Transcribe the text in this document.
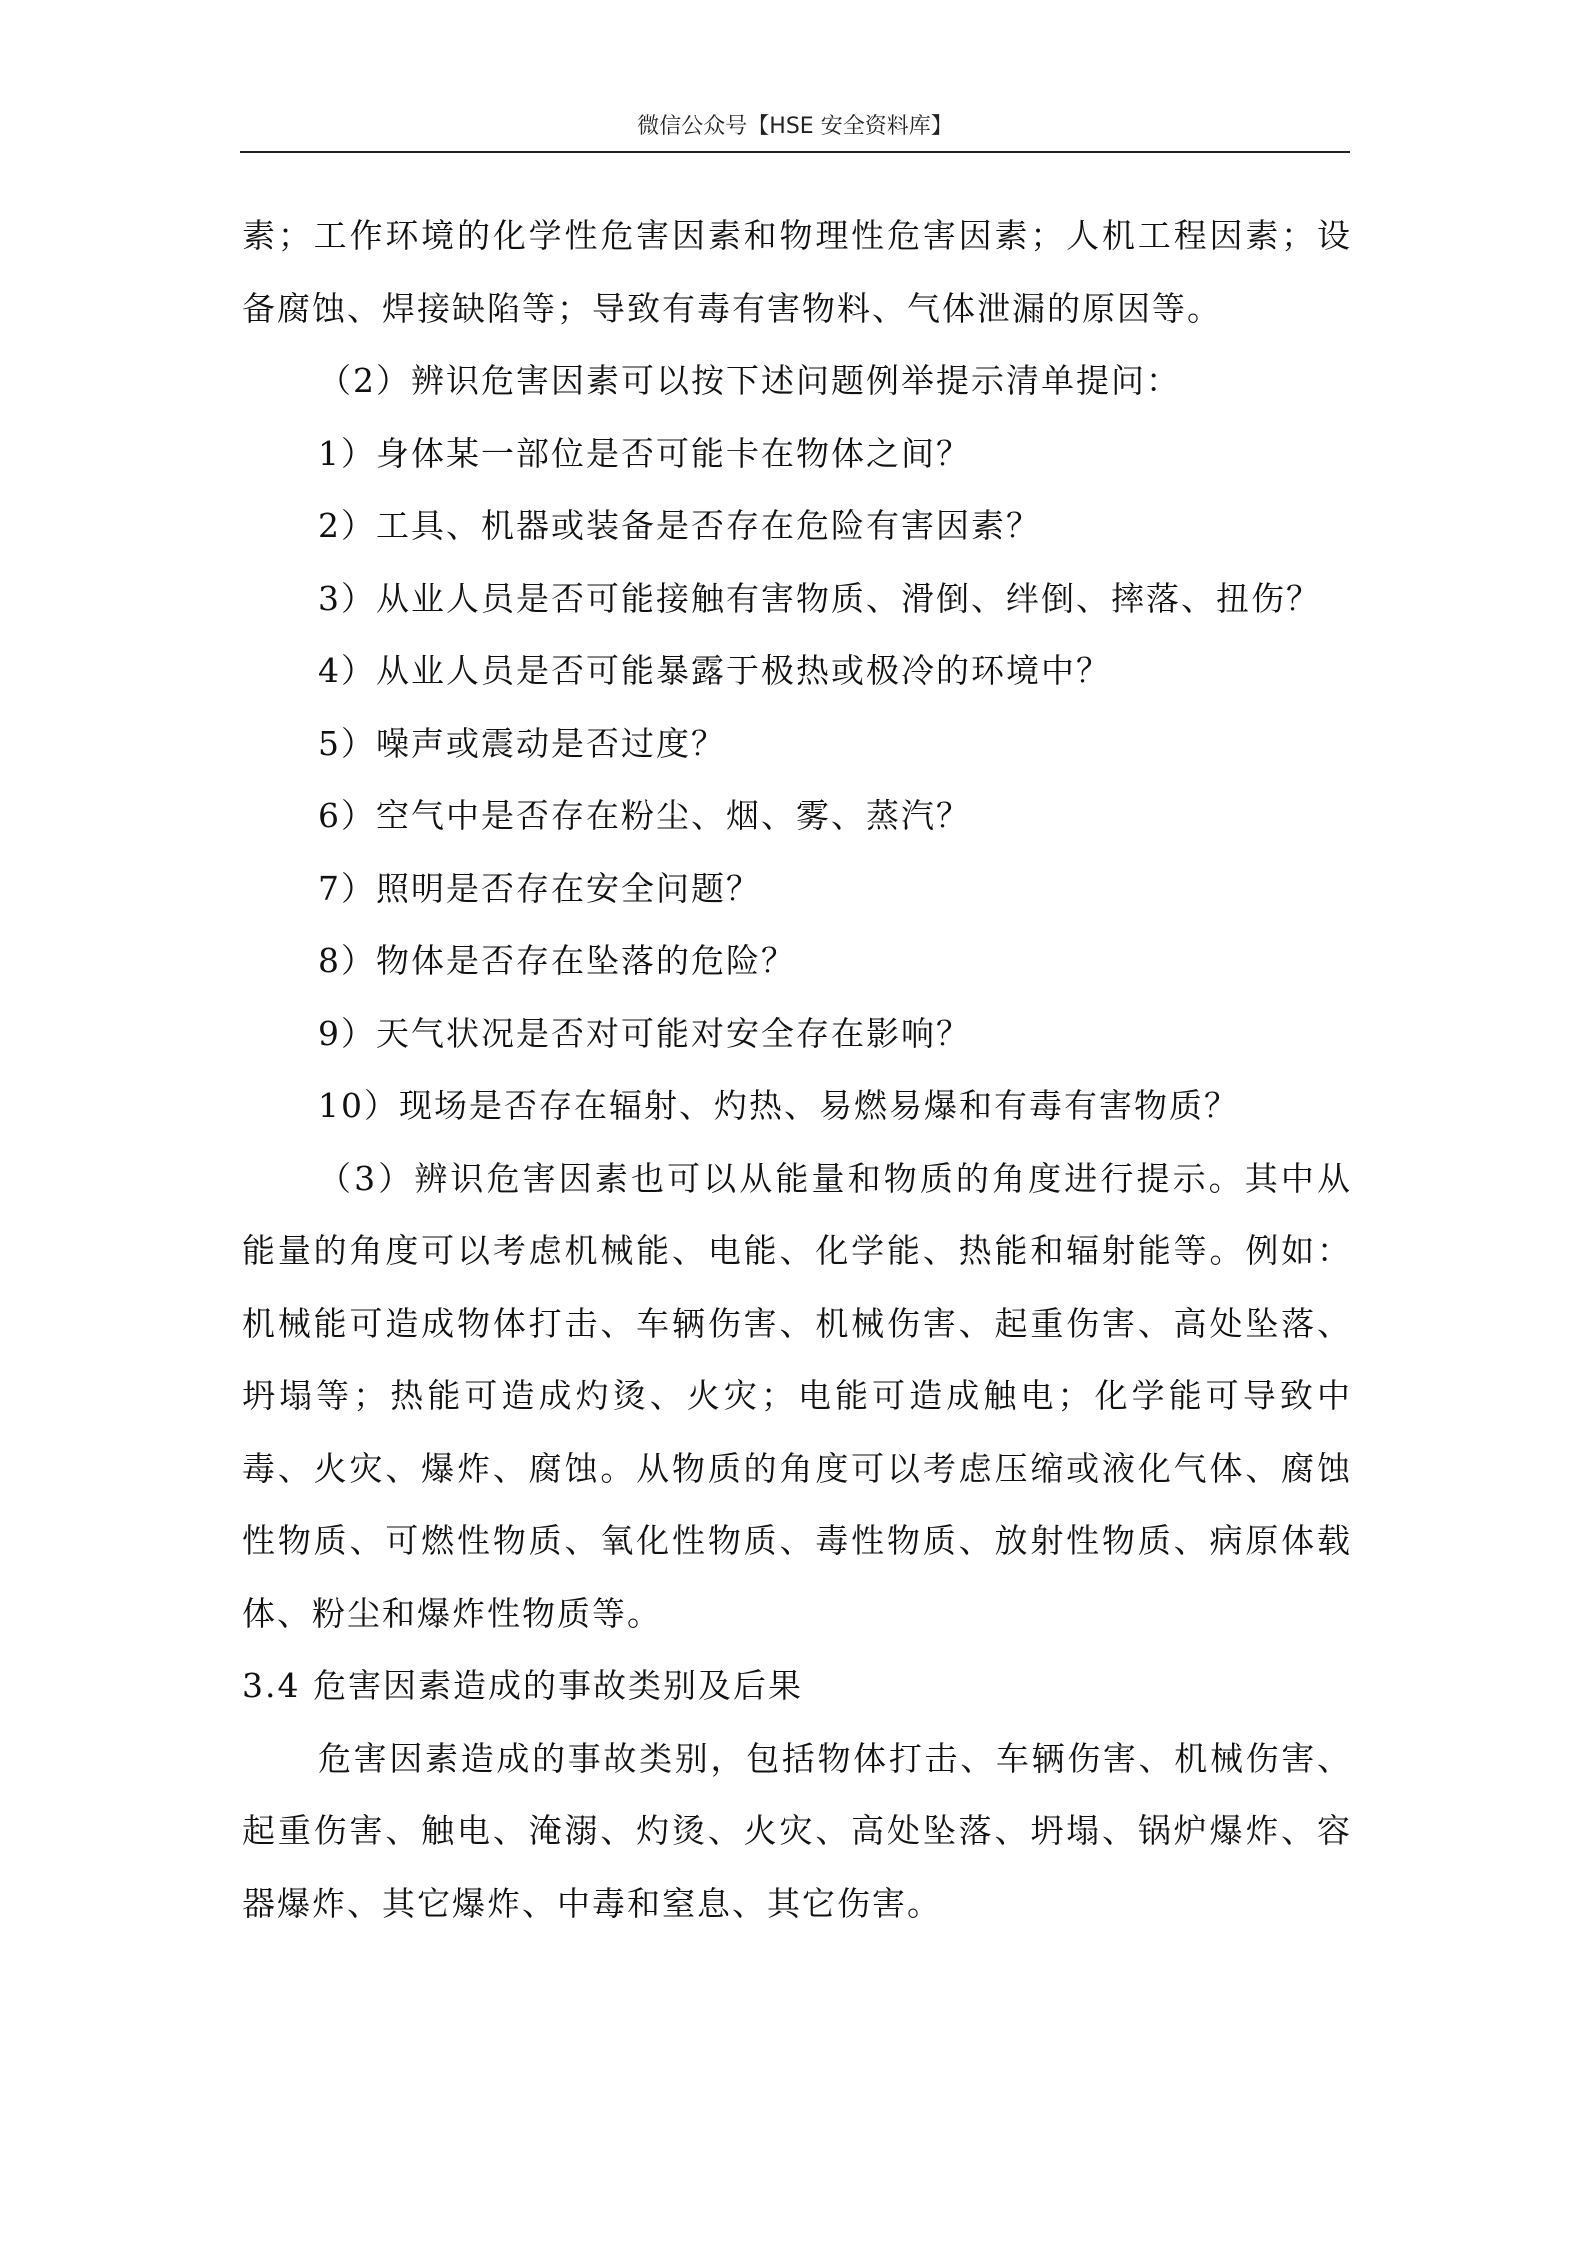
微信公众号【HSE 安全资料库】

素；工作环境的化学性危害因素和物理性危害因素；人机工程因素；设备腐蚀、焊接缺陷等；导致有毒有害物料、气体泄漏的原因等。

（2）辨识危害因素可以按下述问题例举提示清单提问：

1）身体某一部位是否可能卡在物体之间？

2）工具、机器或装备是否存在危险有害因素？

3）从业人员是否可能接触有害物质、滑倒、绊倒、摔落、扭伤？

4）从业人员是否可能暴露于极热或极冷的环境中？

5）噪声或震动是否过度？

6）空气中是否存在粉尘、烟、雾、蒸汽？

7）照明是否存在安全问题？

8）物体是否存在坠落的危险？

9）天气状况是否对可能对安全存在影响？

10）现场是否存在辐射、灼热、易燃易爆和有毒有害物质？

（3）辨识危害因素也可以从能量和物质的角度进行提示。其中从能量的角度可以考虑机械能、电能、化学能、热能和辐射能等。例如：机械能可造成物体打击、车辆伤害、机械伤害、起重伤害、高处坠落、坍塌等；热能可造成灼烫、火灾；电能可造成触电；化学能可导致中毒、火灾、爆炸、腐蚀。从物质的角度可以考虑压缩或液化气体、腐蚀性物质、可燃性物质、氧化性物质、毒性物质、放射性物质、病原体载体、粉尘和爆炸性物质等。

3.4 危害因素造成的事故类别及后果

危害因素造成的事故类别，包括物体打击、车辆伤害、机械伤害、起重伤害、触电、淹溺、灼烫、火灾、高处坠落、坍塌、锅炉爆炸、容器爆炸、其它爆炸、中毒和窒息、其它伤害。
